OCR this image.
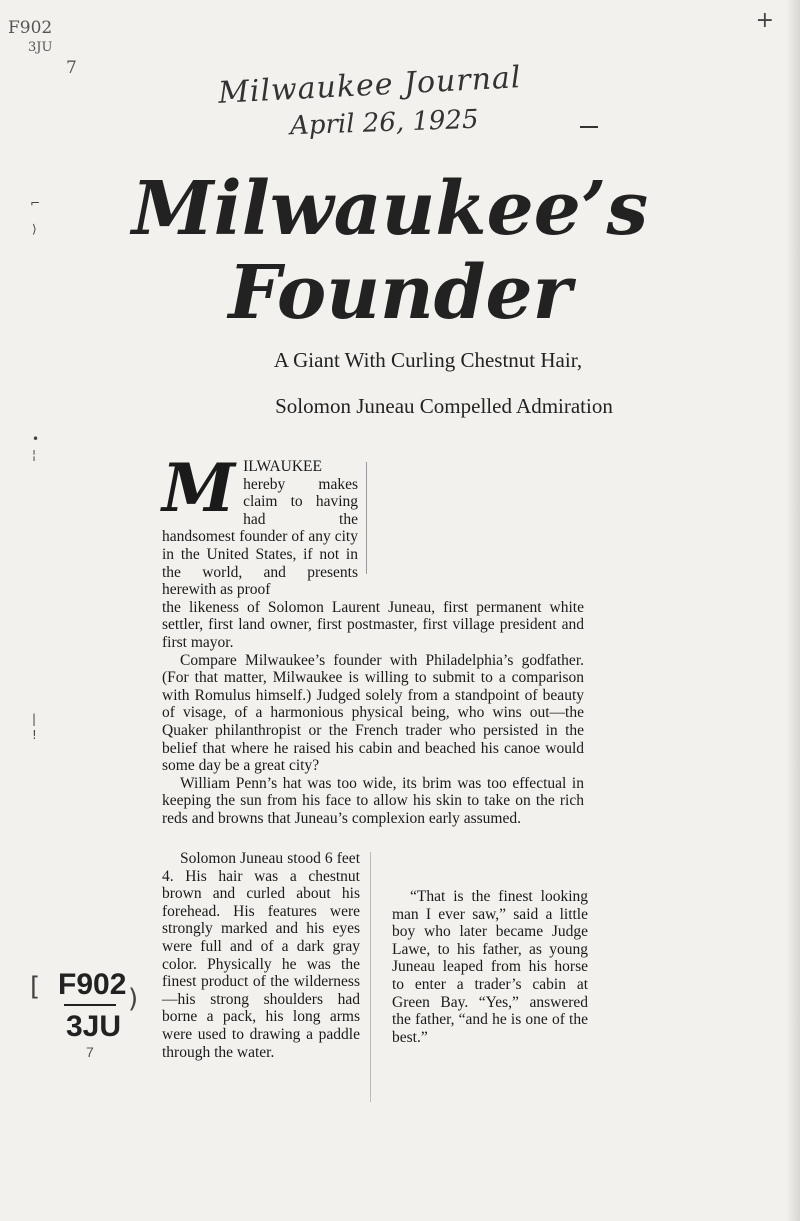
+
⌐
⟩
•
¦
|
!
F902
3JU
7	Milwaukee Journal
April 26, 1925
Milwaukee’s
Founder
A Giant With Curling Chestnut Hair,
Solomon Juneau Compelled Admiration

M ILWAUKEE hereby makes claim to having had the handsomest founder of any city in the United States, if not in the world, and presents herewith as proof
the likeness of Solomon Laurent Juneau, first permanent white settler, first land owner, first postmaster, first village president and first mayor.

Compare Milwaukee’s founder with Philadelphia’s godfather. (For that matter, Milwaukee is willing to submit to a comparison with Romulus himself.) Judged solely from a standpoint of beauty of visage, of a harmonious physical being, who wins out—the Quaker philanthropist or the French trader who persisted in the belief that where he raised his cabin and beached his canoe would some day be a great city?

William Penn’s hat was too wide, its brim was too effectual in keeping the sun from his face to allow his skin to take on the rich reds and browns that Juneau’s complexion early assumed.

Solomon Juneau stood 6 feet 4. His hair was a chestnut brown and curled about his forehead. His features were strongly marked and his eyes were full and of a dark gray color. Physically he was the finest product of the wilderness—his strong shoulders had borne a pack, his long arms were used to drawing a paddle through the water.

“That is the finest looking man I ever saw,” said a little boy who later became Judge Lawe, to his father, as young Juneau leaped from his horse to enter a trader’s cabin at Green Bay. “Yes,” answered the father, “and he is one of the best.”

[	)
F902
3JU
7
